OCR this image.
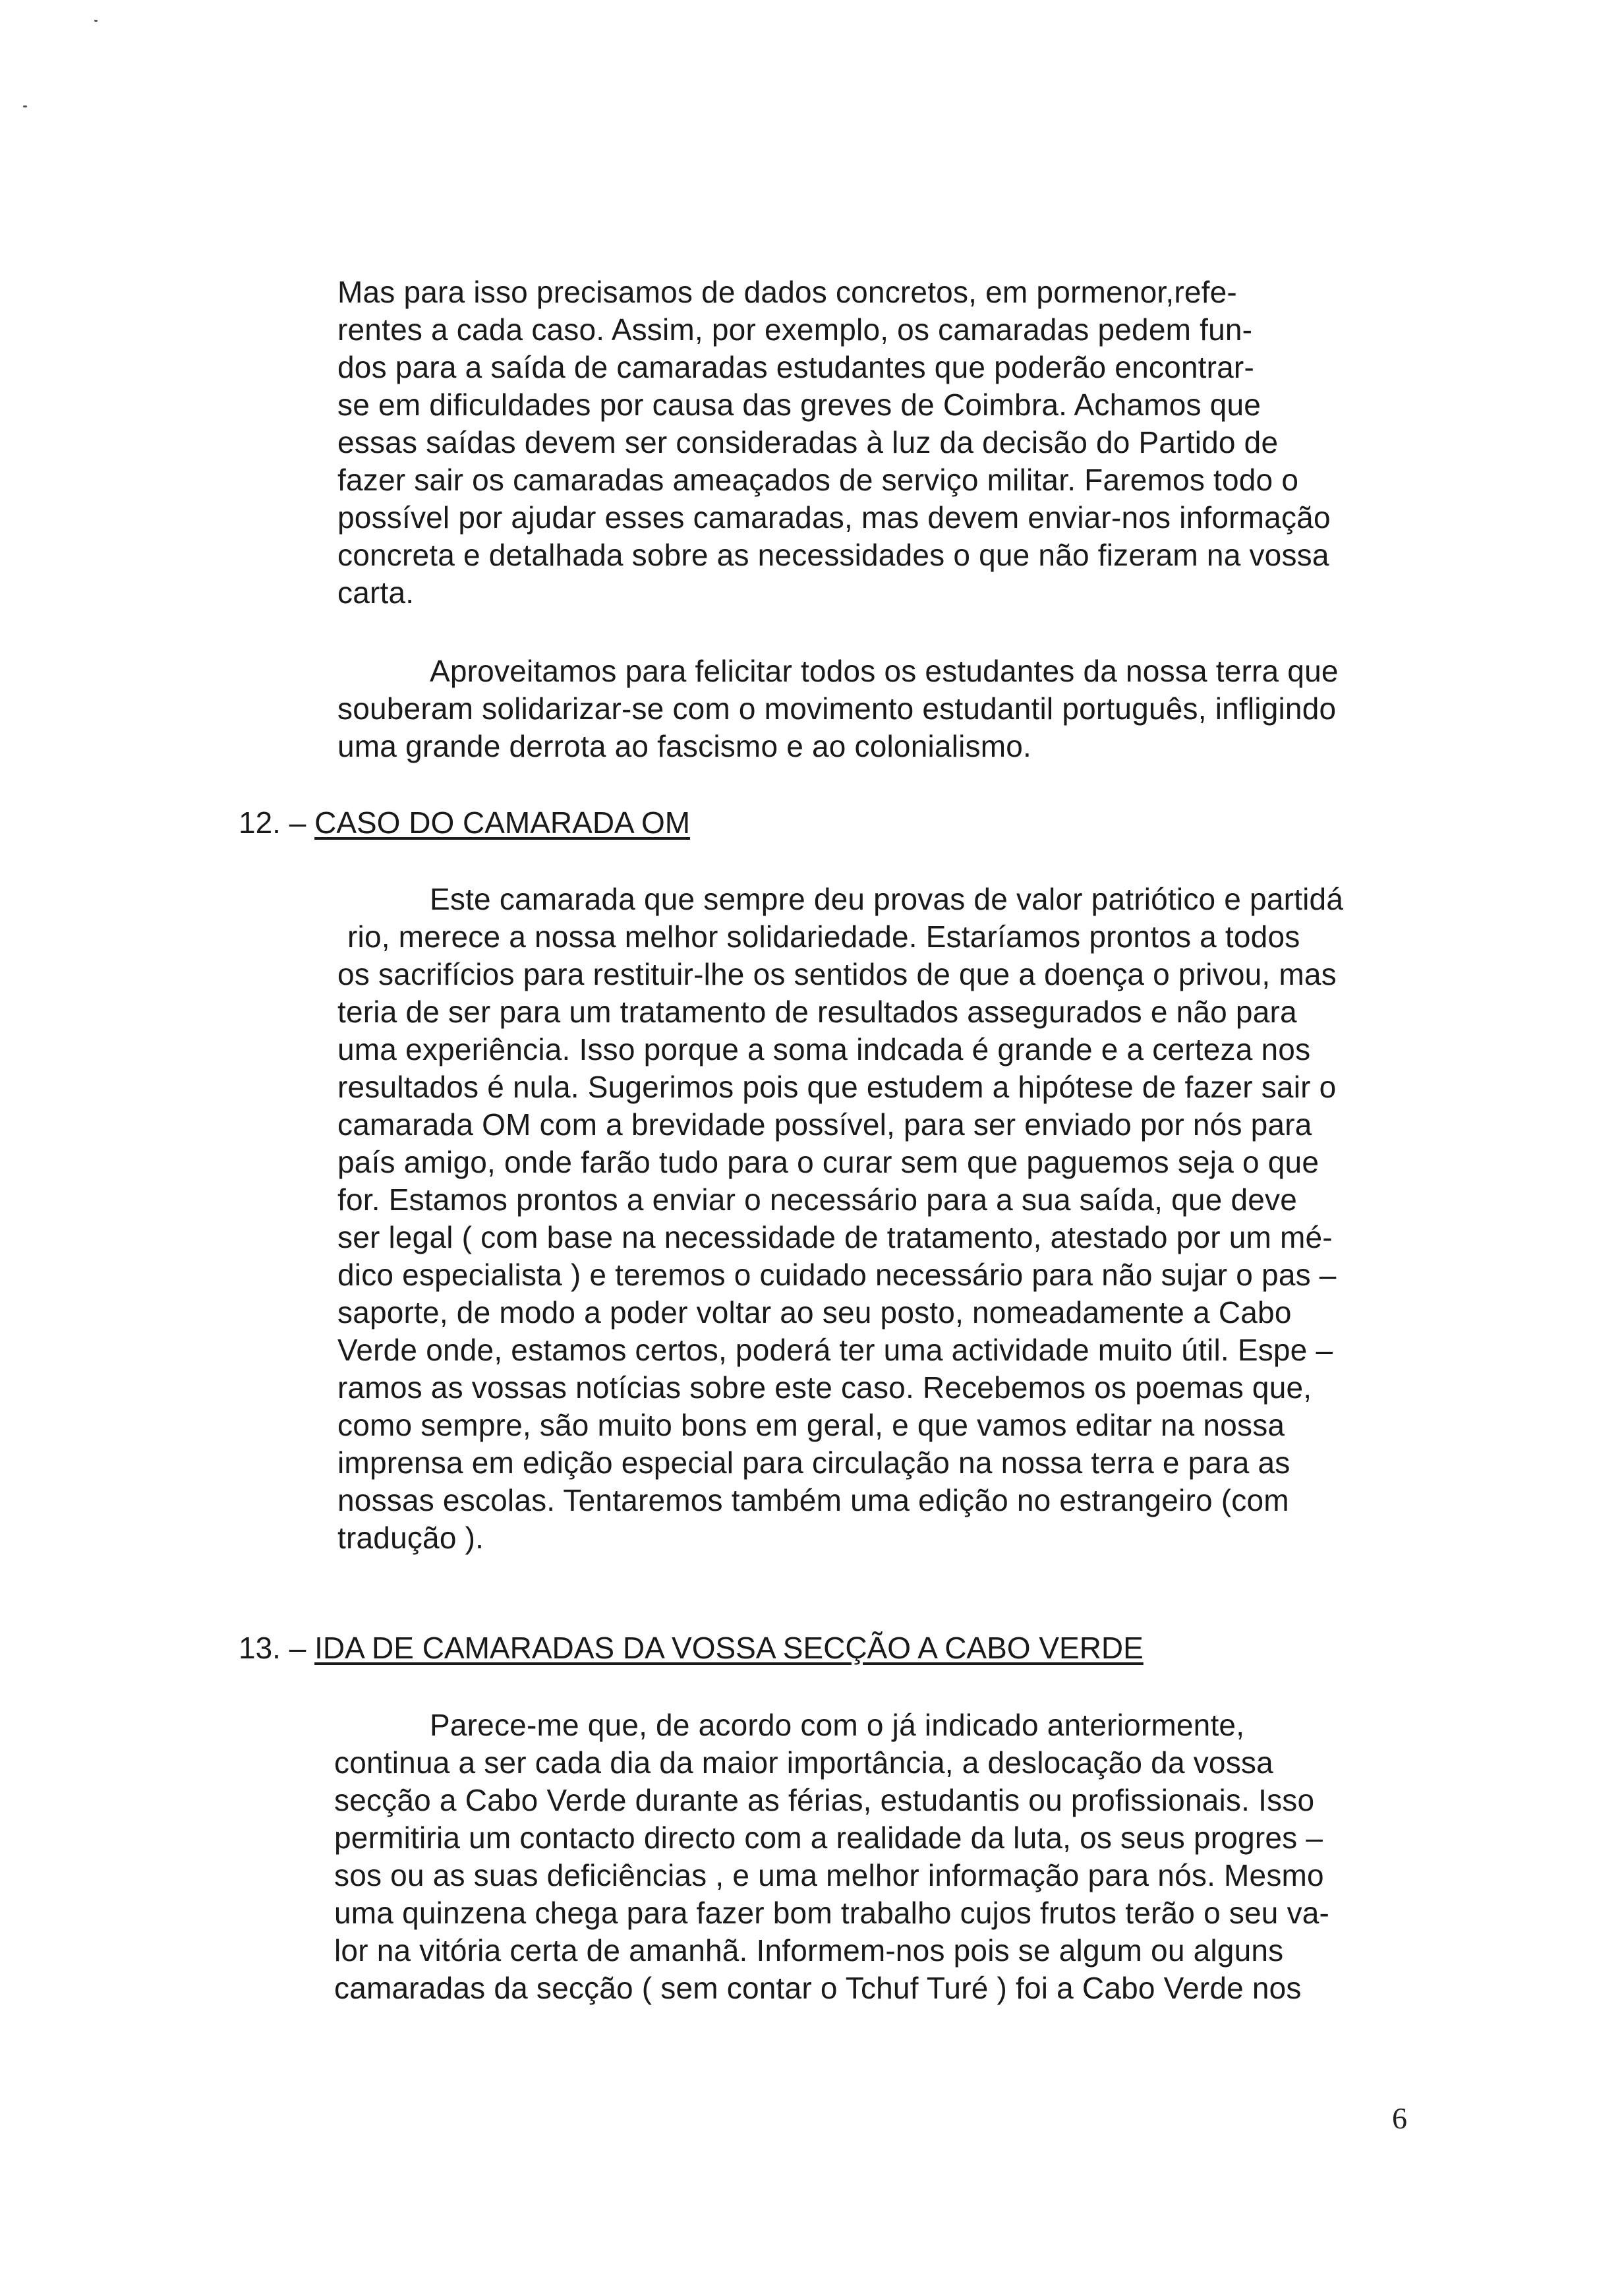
Mas para isso precisamos de dados concretos, em pormenor,refe-
rentes a cada caso. Assim, por exemplo, os camaradas pedem fun-
dos para a saída de camaradas estudantes que poderão encontrar-
se em dificuldades por causa das greves de Coimbra. Achamos que
essas saídas devem ser consideradas à luz da decisão do Partido de
fazer sair os camaradas ameaçados de serviço militar. Faremos todo o
possível por ajudar esses camaradas, mas devem enviar-nos informação
concreta e detalhada sobre as necessidades o que não fizeram na vossa
carta.
Aproveitamos para felicitar todos os estudantes da nossa terra que
souberam solidarizar-se com o movimento estudantil português, infligindo
uma grande derrota ao fascismo e ao colonialismo.
12. – CASO DO CAMARADA OM
Este camarada que sempre deu provas de valor patriótico e partidá
rio, merece a nossa melhor solidariedade. Estaríamos prontos a todos
os sacrifícios para restituir-lhe os sentidos de que a doença o privou, mas
teria de ser para um tratamento de resultados assegurados e não para
uma experiência. Isso porque a soma indcada é grande e a certeza nos
resultados é nula. Sugerimos pois que estudem a hipótese de fazer sair o
camarada OM com a brevidade possível, para ser enviado por nós para
país amigo, onde farão tudo para o curar sem que paguemos seja o que
for. Estamos prontos a enviar o necessário para a sua saída, que deve
ser legal ( com base na necessidade de tratamento, atestado por um mé-
dico especialista ) e teremos o cuidado necessário para não sujar o pas –
saporte, de modo a poder voltar ao seu posto, nomeadamente a Cabo
Verde onde, estamos certos, poderá ter uma actividade muito útil. Espe –
ramos as vossas notícias sobre este caso. Recebemos os poemas que,
como sempre, são muito bons em geral, e que vamos editar na nossa
imprensa em edição especial para circulação na nossa terra e para as
nossas escolas. Tentaremos também uma edição no estrangeiro (com
tradução ).
13. – IDA DE CAMARADAS DA VOSSA SECÇÃO A CABO VERDE
Parece-me que, de acordo com o já indicado anteriormente,
continua a ser cada dia da maior importância, a deslocação da vossa
secção a Cabo Verde durante as férias, estudantis ou profissionais. Isso
permitiria um contacto directo com a realidade da luta, os seus progres –
sos ou as suas deficiências , e uma melhor informação para nós. Mesmo
uma quinzena chega para fazer bom trabalho cujos frutos terão o seu va-
lor na vitória certa de amanhã. Informem-nos pois se algum ou alguns
camaradas da secção ( sem contar o Tchuf Turé ) foi a Cabo Verde nos
6
